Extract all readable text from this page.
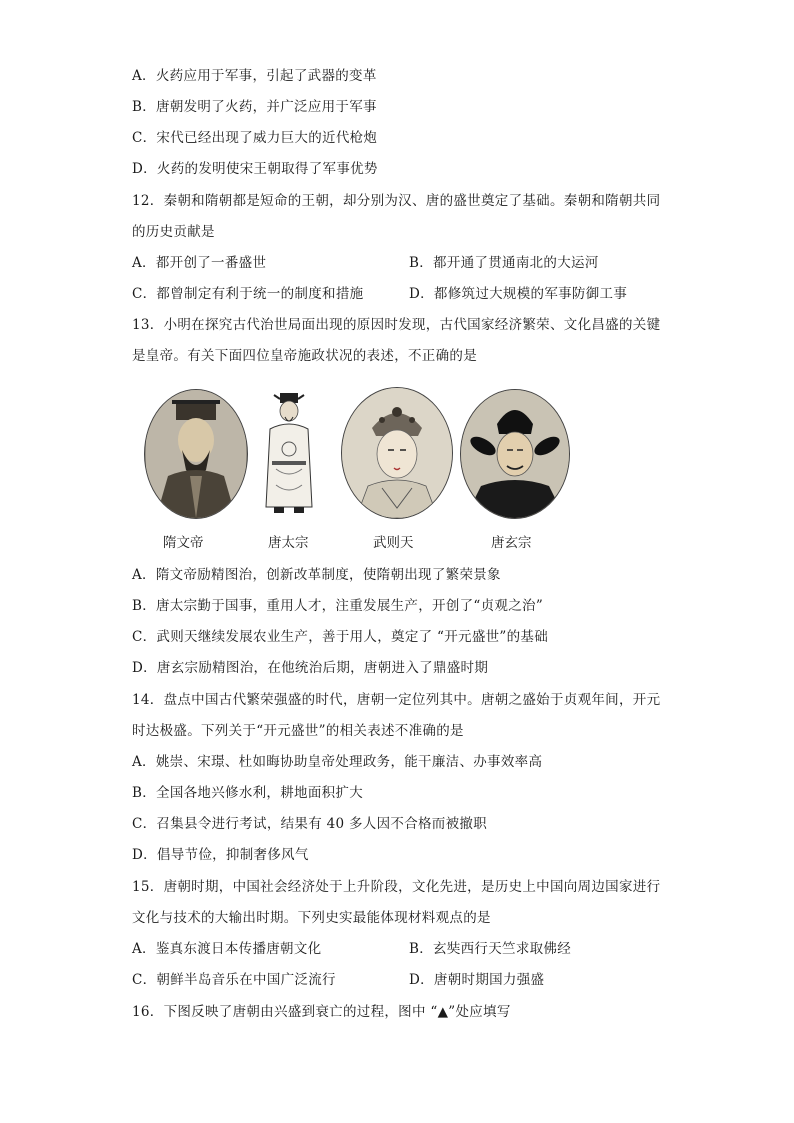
A．火药应用于军事，引起了武器的变革
B．唐朝发明了火药，并广泛应用于军事
C．宋代已经出现了威力巨大的近代枪炮
D．火药的发明使宋王朝取得了军事优势
12．秦朝和隋朝都是短命的王朝，却分别为汉、唐的盛世奠定了基础。秦朝和隋朝共同
的历史贡献是
A．都开创了一番盛世	B．都开通了贯通南北的大运河
C．都曾制定有利于统一的制度和措施	D．都修筑过大规模的军事防御工事
13．小明在探究古代治世局面出现的原因时发现，古代国家经济繁荣、文化昌盛的关键
是皇帝。有关下面四位皇帝施政状况的表述，不正确的是
隋文帝	唐太宗	武则天	唐玄宗
A．隋文帝励精图治，创新改革制度，使隋朝出现了繁荣景象
B．唐太宗勤于国事，重用人才，注重发展生产，开创了“贞观之治”
C．武则天继续发展农业生产，善于用人，奠定了 “开元盛世”的基础
D．唐玄宗励精图治，在他统治后期，唐朝进入了鼎盛时期
14．盘点中国古代繁荣强盛的时代，唐朝一定位列其中。唐朝之盛始于贞观年间，开元
时达极盛。下列关于“开元盛世”的相关表述不准确的是
A．姚崇、宋璟、杜如晦协助皇帝处理政务，能干廉洁、办事效率高
B．全国各地兴修水利，耕地面积扩大
C．召集县令进行考试，结果有 40 多人因不合格而被撤职
D．倡导节俭，抑制奢侈风气
15．唐朝时期，中国社会经济处于上升阶段，文化先进，是历史上中国向周边国家进行
文化与技术的大输出时期。下列史实最能体现材料观点的是
A．鉴真东渡日本传播唐朝文化	B．玄奘西行天竺求取佛经
C．朝鲜半岛音乐在中国广泛流行	D．唐朝时期国力强盛
16．下图反映了唐朝由兴盛到衰亡的过程，图中 “▲”处应填写
